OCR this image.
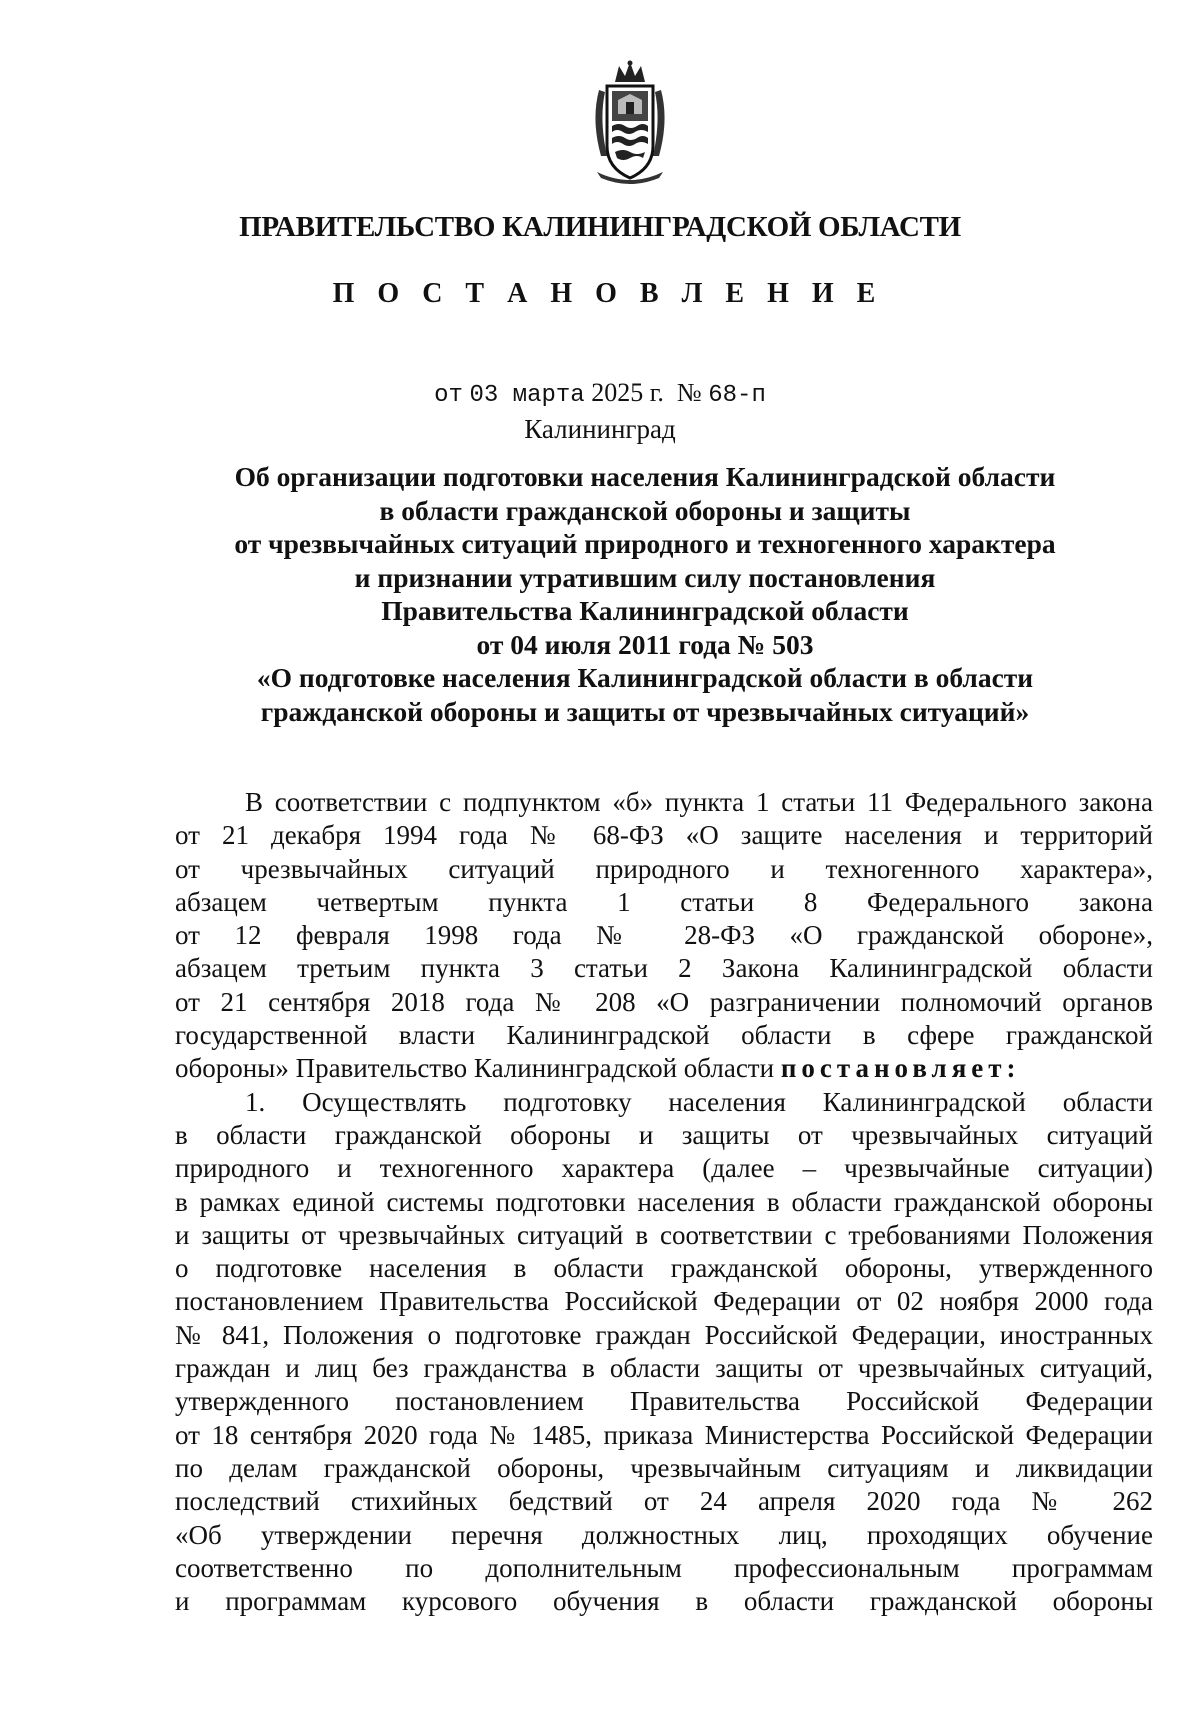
ПРАВИТЕЛЬСТВО КАЛИНИНГРАДСКОЙ ОБЛАСТИ
П О С Т А Н О В Л Е Н И Е
от 03 марта 2025 г. № 68-п
Калининград
Об организации подготовки населения Калининградской области
в области гражданской обороны и защиты
от чрезвычайных ситуаций природного и техногенного характера
и признании утратившим силу постановления
Правительства Калининградской области
от 04 июля 2011 года № 503
«О подготовке населения Калининградской области в области
гражданской обороны и защиты от чрезвычайных ситуаций»
В соответствии с подпунктом «б» пункта 1 статьи 11 Федерального закона
от 21 декабря 1994 года № 68-ФЗ «О защите населения и территорий
от чрезвычайных ситуаций природного и техногенного характера»,
абзацем четвертым пункта 1 статьи 8 Федерального закона
от 12 февраля 1998 года № 28-ФЗ «О гражданской обороне»,
абзацем третьим пункта 3 статьи 2 Закона Калининградской области
от 21 сентября 2018 года № 208 «О разграничении полномочий органов
государственной власти Калининградской области в сфере гражданской
обороны» Правительство Калининградской области постановляет:
1. Осуществлять подготовку населения Калининградской области
в области гражданской обороны и защиты от чрезвычайных ситуаций
природного и техногенного характера (далее – чрезвычайные ситуации)
в рамках единой системы подготовки населения в области гражданской обороны
и защиты от чрезвычайных ситуаций в соответствии с требованиями Положения
о подготовке населения в области гражданской обороны, утвержденного
постановлением Правительства Российской Федерации от 02 ноября 2000 года
№ 841, Положения о подготовке граждан Российской Федерации, иностранных
граждан и лиц без гражданства в области защиты от чрезвычайных ситуаций,
утвержденного постановлением Правительства Российской Федерации
от 18 сентября 2020 года № 1485, приказа Министерства Российской Федерации
по делам гражданской обороны, чрезвычайным ситуациям и ликвидации
последствий стихийных бедствий от 24 апреля 2020 года № 262
«Об утверждении перечня должностных лиц, проходящих обучение
соответственно по дополнительным профессиональным программам
и программам курсового обучения в области гражданской обороны
